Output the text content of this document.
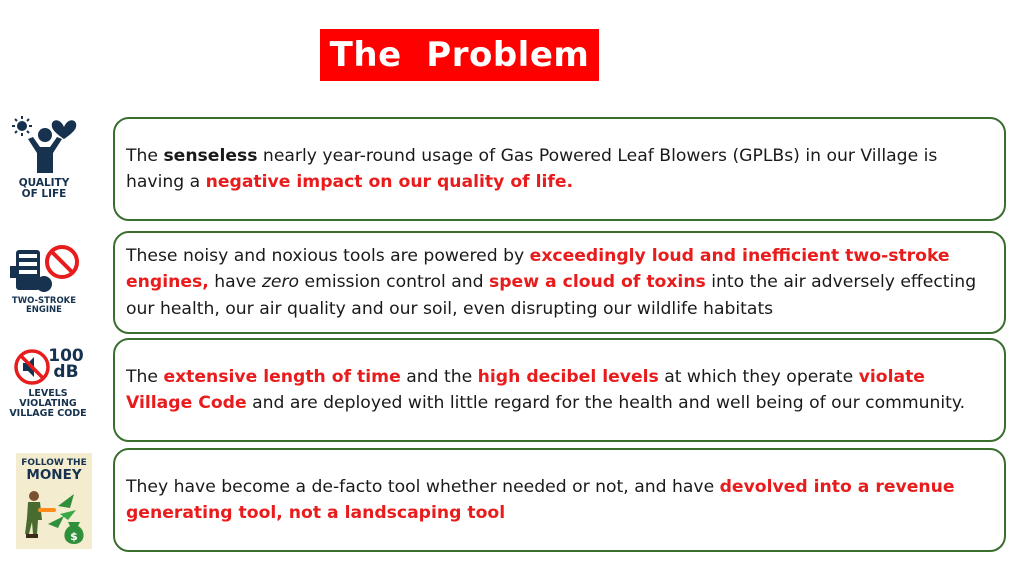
The  Problem
QUALITY
OF LIFE
TWO-STROKE
ENGINE
100
dB
LEVELS
VIOLATING
VILLAGE CODE
FOLLOW THE
MONEY
$

The senseless nearly year-round usage of Gas Powered Leaf Blowers (GPLBs) in our Village is having a negative impact on our quality of life.

These noisy and noxious tools are powered by exceedingly loud and inefficient two-stroke engines, have zero emission control and spew a cloud of toxins into the air adversely effecting our health, our air quality and our soil, even disrupting our wildlife habitats

The extensive length of time and the high decibel levels at which they operate violate Village Code and are deployed with little regard for the health and well being of our community.

They have become a de-facto tool whether needed or not, and have devolved into a revenue generating tool, not a landscaping tool
